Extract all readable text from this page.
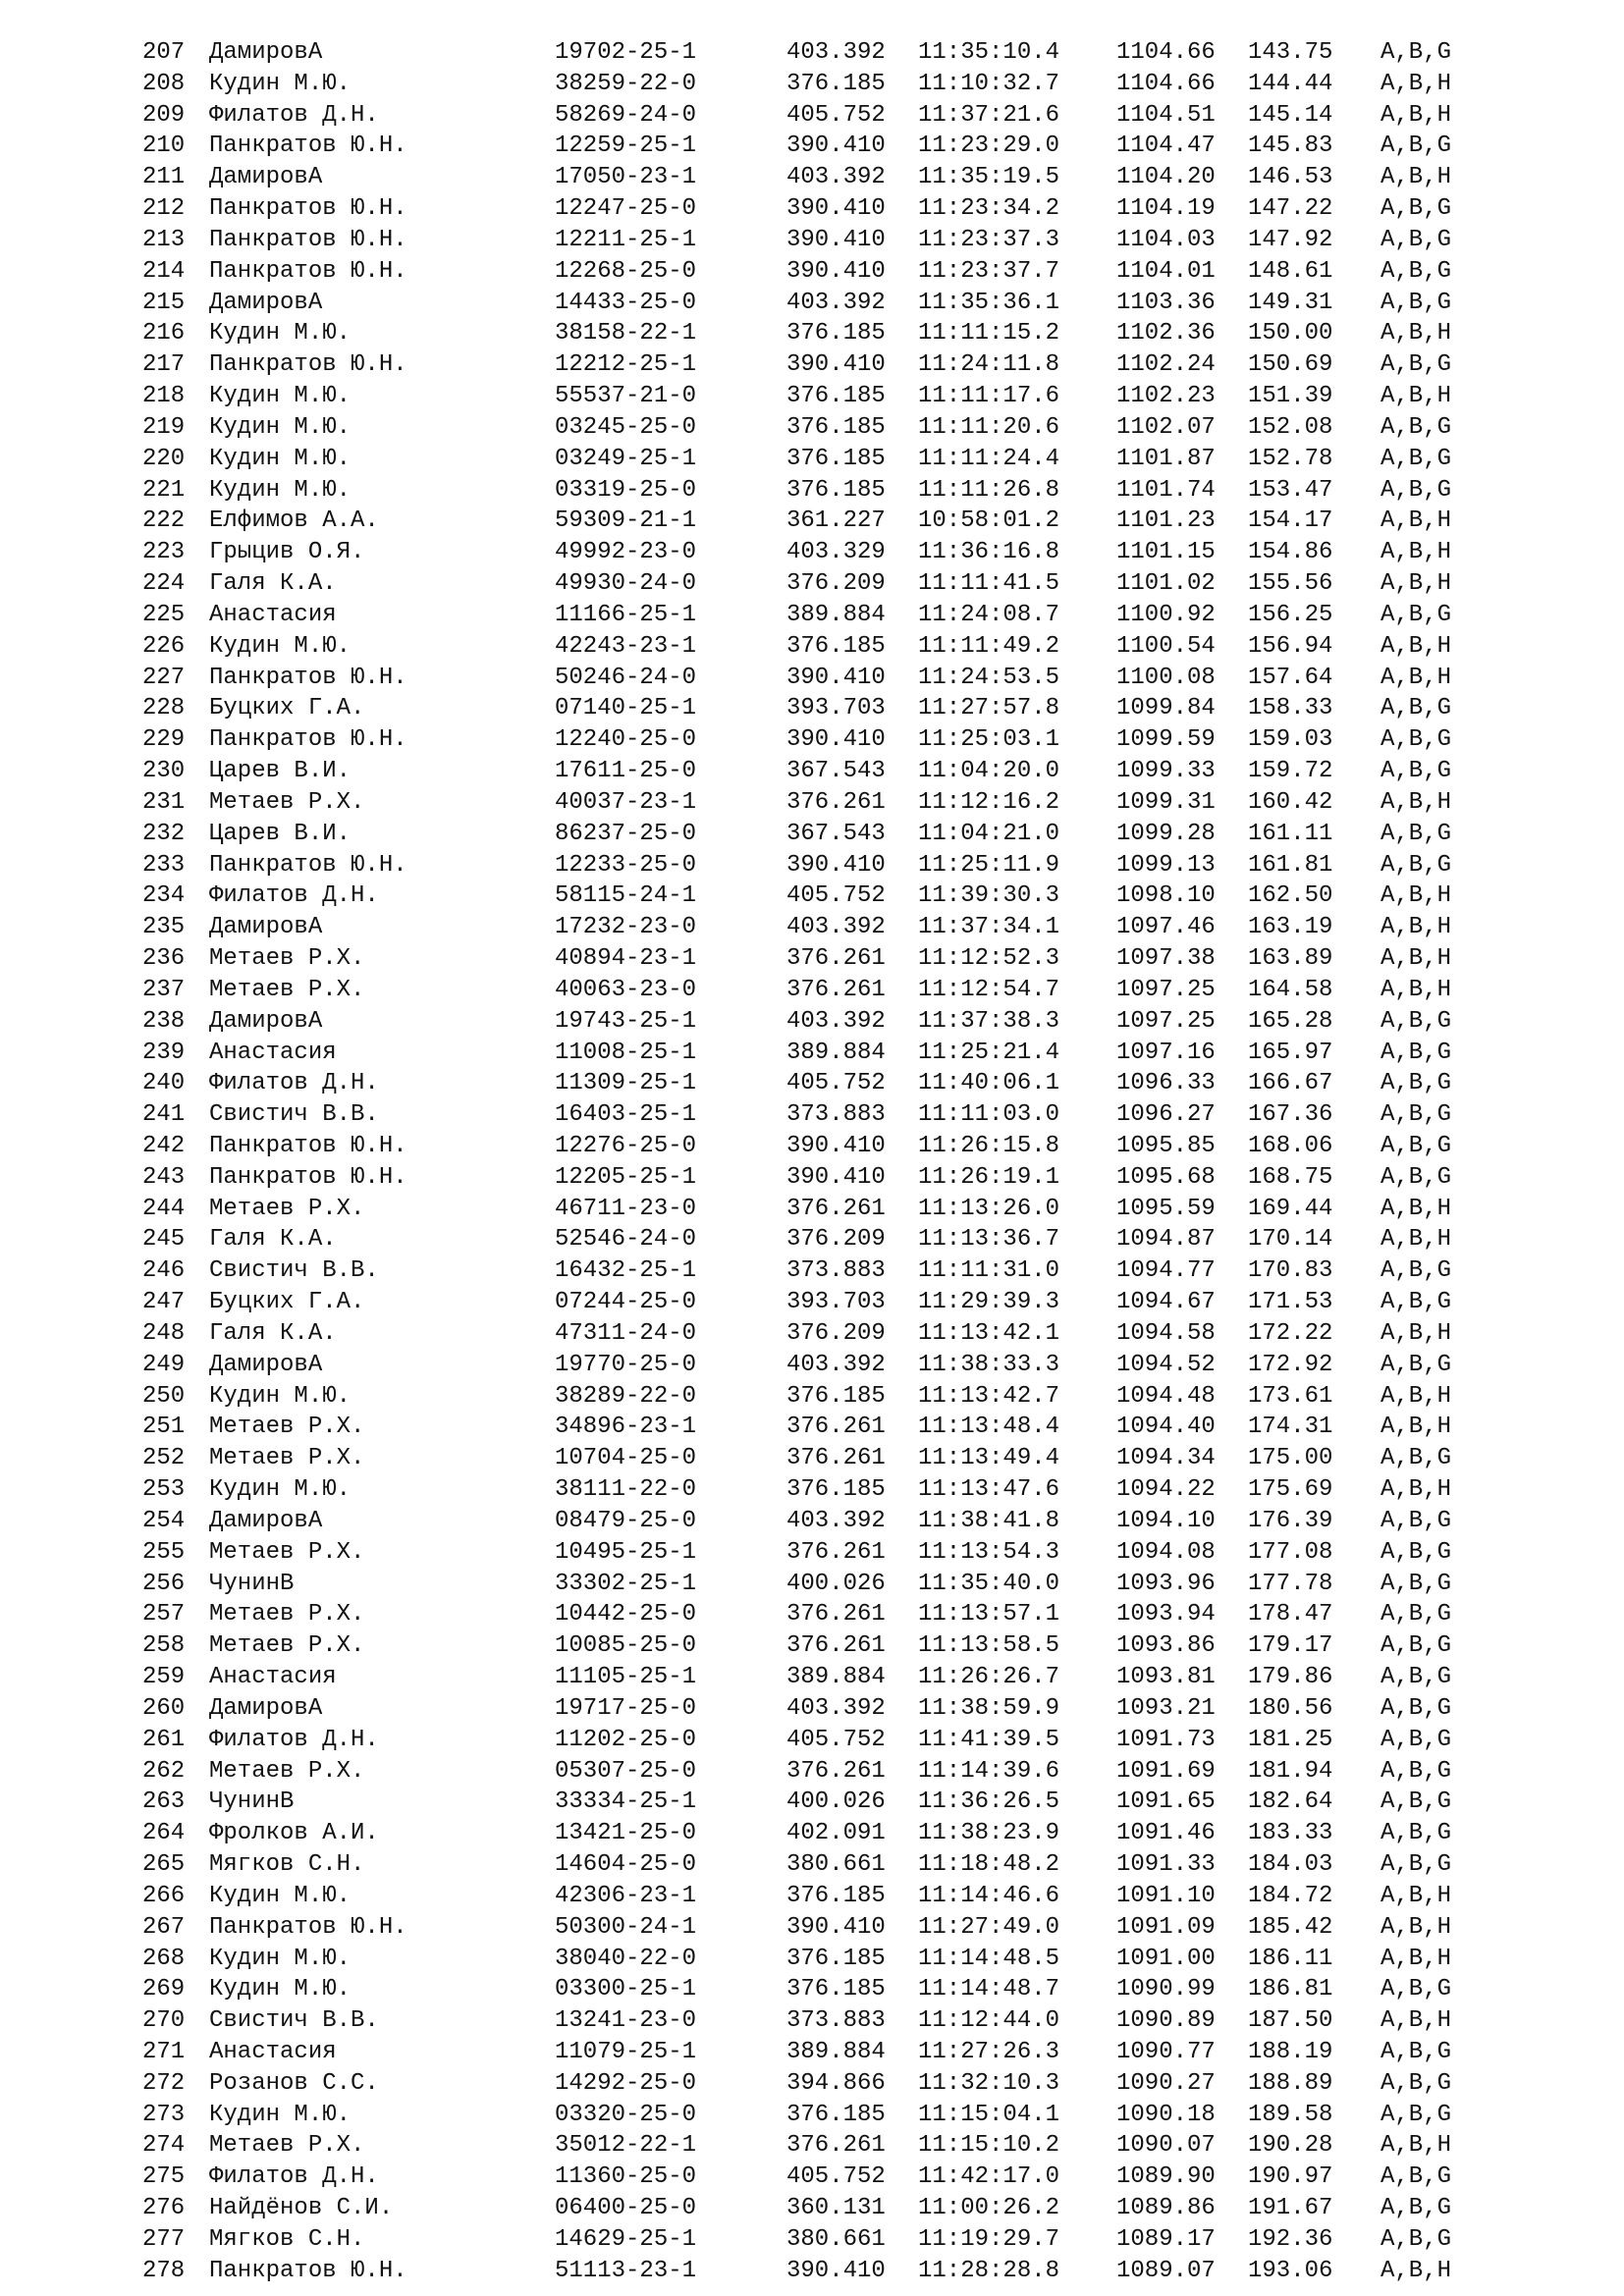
207 ДамировА	19702-25-1	403.392 11:35:10.4 1104.66 143.75 A,B,G
208 Кудин М.Ю.	38259-22-0	376.185 11:10:32.7 1104.66 144.44 A,B,H
209 Филатов Д.Н.	58269-24-0	405.752 11:37:21.6 1104.51 145.14 A,B,H
210 Панкратов Ю.Н.	12259-25-1	390.410 11:23:29.0 1104.47 145.83 A,B,G
211 ДамировА	17050-23-1	403.392 11:35:19.5 1104.20 146.53 A,B,H
212 Панкратов Ю.Н.	12247-25-0	390.410 11:23:34.2 1104.19 147.22 A,B,G
213 Панкратов Ю.Н.	12211-25-1	390.410 11:23:37.3 1104.03 147.92 A,B,G
214 Панкратов Ю.Н.	12268-25-0	390.410 11:23:37.7 1104.01 148.61 A,B,G
215 ДамировА	14433-25-0	403.392 11:35:36.1 1103.36 149.31 A,B,G
216 Кудин М.Ю.	38158-22-1	376.185 11:11:15.2 1102.36 150.00 A,B,H
217 Панкратов Ю.Н.	12212-25-1	390.410 11:24:11.8 1102.24 150.69 A,B,G
218 Кудин М.Ю.	55537-21-0	376.185 11:11:17.6 1102.23 151.39 A,B,H
219 Кудин М.Ю.	03245-25-0	376.185 11:11:20.6 1102.07 152.08 A,B,G
220 Кудин М.Ю.	03249-25-1	376.185 11:11:24.4 1101.87 152.78 A,B,G
221 Кудин М.Ю.	03319-25-0	376.185 11:11:26.8 1101.74 153.47 A,B,G
222 Елфимов А.А.	59309-21-1	361.227 10:58:01.2 1101.23 154.17 A,B,H
223 Грыцив О.Я.	49992-23-0	403.329 11:36:16.8 1101.15 154.86 A,B,H
224 Галя К.А.	49930-24-0	376.209 11:11:41.5 1101.02 155.56 A,B,H
225 Анастасия	11166-25-1	389.884 11:24:08.7 1100.92 156.25 A,B,G
226 Кудин М.Ю.	42243-23-1	376.185 11:11:49.2 1100.54 156.94 A,B,H
227 Панкратов Ю.Н.	50246-24-0	390.410 11:24:53.5 1100.08 157.64 A,B,H
228 Буцких Г.А.	07140-25-1	393.703 11:27:57.8 1099.84 158.33 A,B,G
229 Панкратов Ю.Н.	12240-25-0	390.410 11:25:03.1 1099.59 159.03 A,B,G
230 Царев В.И.	17611-25-0	367.543 11:04:20.0 1099.33 159.72 A,B,G
231 Метаев Р.Х.	40037-23-1	376.261 11:12:16.2 1099.31 160.42 A,B,H
232 Царев В.И.	86237-25-0	367.543 11:04:21.0 1099.28 161.11 A,B,G
233 Панкратов Ю.Н.	12233-25-0	390.410 11:25:11.9 1099.13 161.81 A,B,G
234 Филатов Д.Н.	58115-24-1	405.752 11:39:30.3 1098.10 162.50 A,B,H
235 ДамировА	17232-23-0	403.392 11:37:34.1 1097.46 163.19 A,B,H
236 Метаев Р.Х.	40894-23-1	376.261 11:12:52.3 1097.38 163.89 A,B,H
237 Метаев Р.Х.	40063-23-0	376.261 11:12:54.7 1097.25 164.58 A,B,H
238 ДамировА	19743-25-1	403.392 11:37:38.3 1097.25 165.28 A,B,G
239 Анастасия	11008-25-1	389.884 11:25:21.4 1097.16 165.97 A,B,G
240 Филатов Д.Н.	11309-25-1	405.752 11:40:06.1 1096.33 166.67 A,B,G
241 Свистич В.В.	16403-25-1	373.883 11:11:03.0 1096.27 167.36 A,B,G
242 Панкратов Ю.Н.	12276-25-0	390.410 11:26:15.8 1095.85 168.06 A,B,G
243 Панкратов Ю.Н.	12205-25-1	390.410 11:26:19.1 1095.68 168.75 A,B,G
244 Метаев Р.Х.	46711-23-0	376.261 11:13:26.0 1095.59 169.44 A,B,H
245 Галя К.А.	52546-24-0	376.209 11:13:36.7 1094.87 170.14 A,B,H
246 Свистич В.В.	16432-25-1	373.883 11:11:31.0 1094.77 170.83 A,B,G
247 Буцких Г.А.	07244-25-0	393.703 11:29:39.3 1094.67 171.53 A,B,G
248 Галя К.А.	47311-24-0	376.209 11:13:42.1 1094.58 172.22 A,B,H
249 ДамировА	19770-25-0	403.392 11:38:33.3 1094.52 172.92 A,B,G
250 Кудин М.Ю.	38289-22-0	376.185 11:13:42.7 1094.48 173.61 A,B,H
251 Метаев Р.Х.	34896-23-1	376.261 11:13:48.4 1094.40 174.31 A,B,H
252 Метаев Р.Х.	10704-25-0	376.261 11:13:49.4 1094.34 175.00 A,B,G
253 Кудин М.Ю.	38111-22-0	376.185 11:13:47.6 1094.22 175.69 A,B,H
254 ДамировА	08479-25-0	403.392 11:38:41.8 1094.10 176.39 A,B,G
255 Метаев Р.Х.	10495-25-1	376.261 11:13:54.3 1094.08 177.08 A,B,G
256 ЧунинВ	33302-25-1	400.026 11:35:40.0 1093.96 177.78 A,B,G
257 Метаев Р.Х.	10442-25-0	376.261 11:13:57.1 1093.94 178.47 A,B,G
258 Метаев Р.Х.	10085-25-0	376.261 11:13:58.5 1093.86 179.17 A,B,G
259 Анастасия	11105-25-1	389.884 11:26:26.7 1093.81 179.86 A,B,G
260 ДамировА	19717-25-0	403.392 11:38:59.9 1093.21 180.56 A,B,G
261 Филатов Д.Н.	11202-25-0	405.752 11:41:39.5 1091.73 181.25 A,B,G
262 Метаев Р.Х.	05307-25-0	376.261 11:14:39.6 1091.69 181.94 A,B,G
263 ЧунинВ	33334-25-1	400.026 11:36:26.5 1091.65 182.64 A,B,G
264 Фролков А.И.	13421-25-0	402.091 11:38:23.9 1091.46 183.33 A,B,G
265 Мягков С.Н.	14604-25-0	380.661 11:18:48.2 1091.33 184.03 A,B,G
266 Кудин М.Ю.	42306-23-1	376.185 11:14:46.6 1091.10 184.72 A,B,H
267 Панкратов Ю.Н.	50300-24-1	390.410 11:27:49.0 1091.09 185.42 A,B,H
268 Кудин М.Ю.	38040-22-0	376.185 11:14:48.5 1091.00 186.11 A,B,H
269 Кудин М.Ю.	03300-25-1	376.185 11:14:48.7 1090.99 186.81 A,B,G
270 Свистич В.В.	13241-23-0	373.883 11:12:44.0 1090.89 187.50 A,B,H
271 Анастасия	11079-25-1	389.884 11:27:26.3 1090.77 188.19 A,B,G
272 Розанов С.С.	14292-25-0	394.866 11:32:10.3 1090.27 188.89 A,B,G
273 Кудин М.Ю.	03320-25-0	376.185 11:15:04.1 1090.18 189.58 A,B,G
274 Метаев Р.Х.	35012-22-1	376.261 11:15:10.2 1090.07 190.28 A,B,H
275 Филатов Д.Н.	11360-25-0	405.752 11:42:17.0 1089.90 190.97 A,B,G
276 Найдёнов С.И.	06400-25-0	360.131 11:00:26.2 1089.86 191.67 A,B,G
277 Мягков С.Н.	14629-25-1	380.661 11:19:29.7 1089.17 192.36 A,B,G
278 Панкратов Ю.Н.	51113-23-1	390.410 11:28:28.8 1089.07 193.06 A,B,H
